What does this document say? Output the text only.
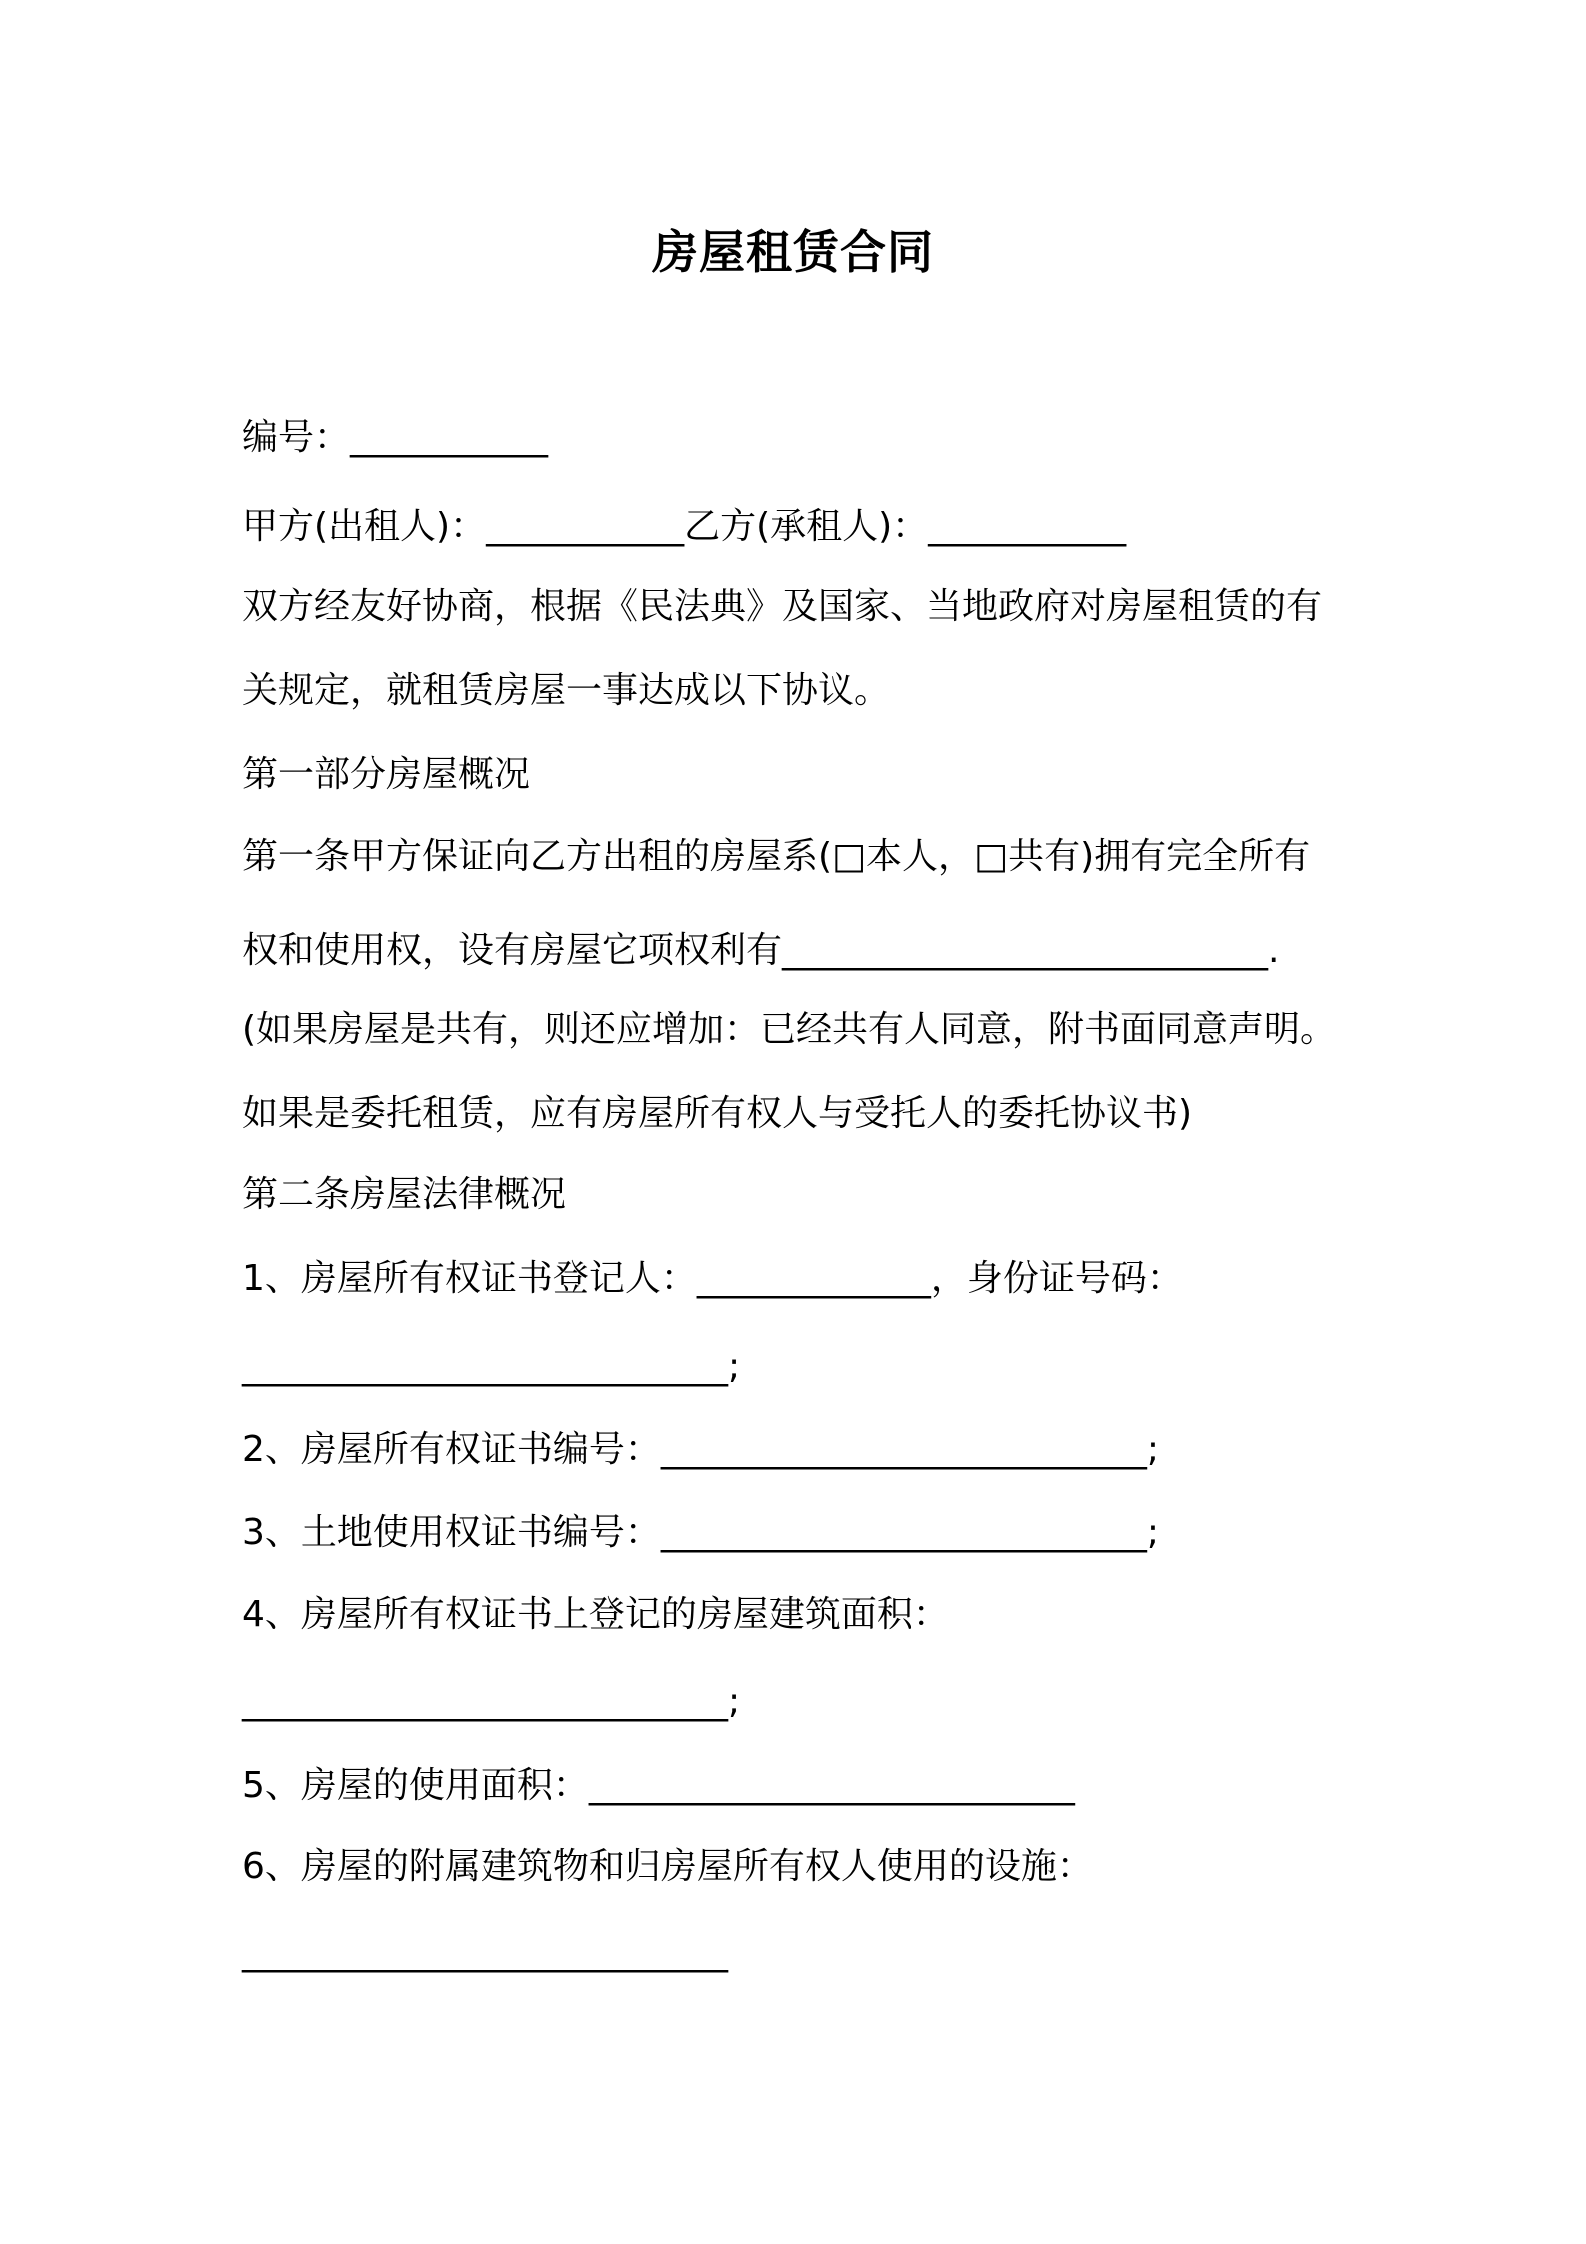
房屋租赁合同
编号：___________
甲方(出租人)：___________乙方(承租人)：___________
双方经友好协商，根据《民法典》及国家、当地政府对房屋租赁的有
关规定，就租赁房屋一事达成以下协议。
第一部分房屋概况
第一条甲方保证向乙方出租的房屋系(□本人，□共有)拥有完全所有
权和使用权，设有房屋它项权利有___________________________.
(如果房屋是共有，则还应增加：已经共有人同意，附书面同意声明。
如果是委托租赁，应有房屋所有权人与受托人的委托协议书)
第二条房屋法律概况
1、房屋所有权证书登记人：_____________，身份证号码：
___________________________;
2、房屋所有权证书编号：___________________________;
3、土地使用权证书编号：___________________________;
4、房屋所有权证书上登记的房屋建筑面积：
___________________________;
5、房屋的使用面积：___________________________
6、房屋的附属建筑物和归房屋所有权人使用的设施：
___________________________
